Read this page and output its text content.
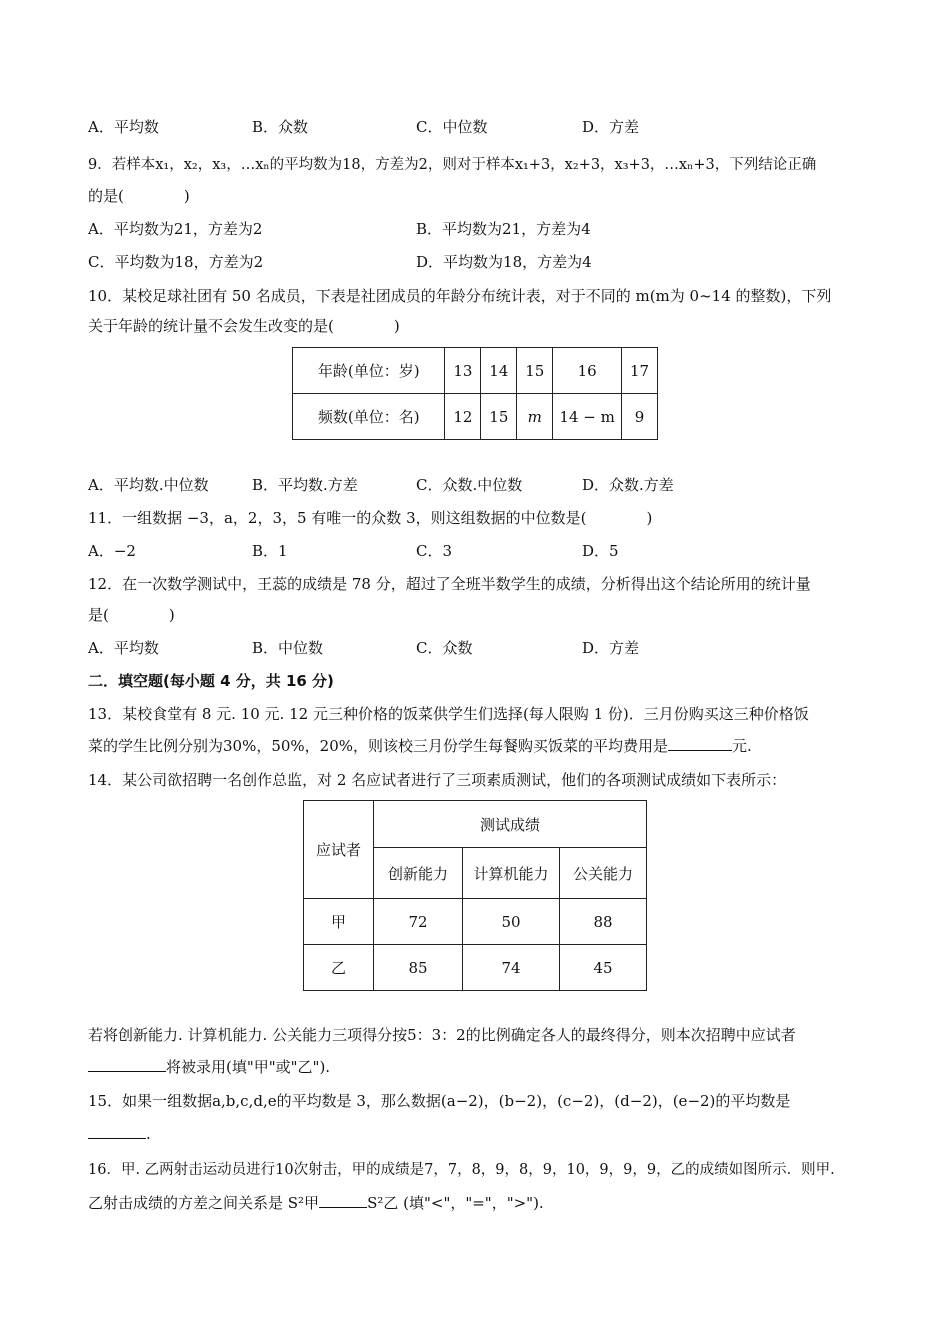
A．平均数	B．众数	C．中位数	D．方差
9．若样本x₁，x₂，x₃，…xₙ的平均数为18，方差为2，则对于样本x₁+3，x₂+3，x₃+3，…xₙ+3，下列结论正确
的是(　　　　)
A．平均数为21，方差为2	B．平均数为21，方差为4
C．平均数为18，方差为2	D．平均数为18，方差为4
10．某校足球社团有 50 名成员，下表是社团成员的年龄分布统计表，对于不同的 m(m为 0~14 的整数)，下列
关于年龄的统计量不会发生改变的是(　　　　)
年龄(单位：岁)	13	14	15	16	17
频数(单位：名)	12	15	m	14 − m	9
A．平均数.中位数	B．平均数.方差	C．众数.中位数	D．众数.方差
11．一组数据 −3，a，2，3，5 有唯一的众数 3，则这组数据的中位数是(　　　　)
A．−2	B．1	C．3	D．5
12．在一次数学测试中，王蕊的成绩是 78 分，超过了全班半数学生的成绩，分析得出这个结论所用的统计量
是(　　　　)
A．平均数	B．中位数	C．众数	D．方差
二．填空题(每小题 4 分，共 16 分)
13．某校食堂有 8 元. 10 元. 12 元三种价格的饭菜供学生们选择(每人限购 1 份)．三月份购买这三种价格饭
菜的学生比例分别为30%，50%，20%，则该校三月份学生每餐购买饭菜的平均费用是	元.
14．某公司欲招聘一名创作总监，对 2 名应试者进行了三项素质测试，他们的各项测试成绩如下表所示：
应试者	测试成绩		
	创新能力	计算机能力	公关能力
甲	72	50	88
乙	85	74	45
若将创新能力. 计算机能力. 公关能力三项得分按5：3：2的比例确定各人的最终得分，则本次招聘中应试者
将被录用(填"甲"或"乙").
15．如果一组数据a,b,c,d,e的平均数是 3，那么数据(a−2)，(b−2)，(c−2)，(d−2)，(e−2)的平均数是
.
16．甲. 乙两射击运动员进行10次射击，甲的成绩是7，7，8，9，8，9，10，9，9，9，乙的成绩如图所示．则甲.
乙射击成绩的方差之间关系是 S²甲	S²乙 (填"<"，"="，">").
